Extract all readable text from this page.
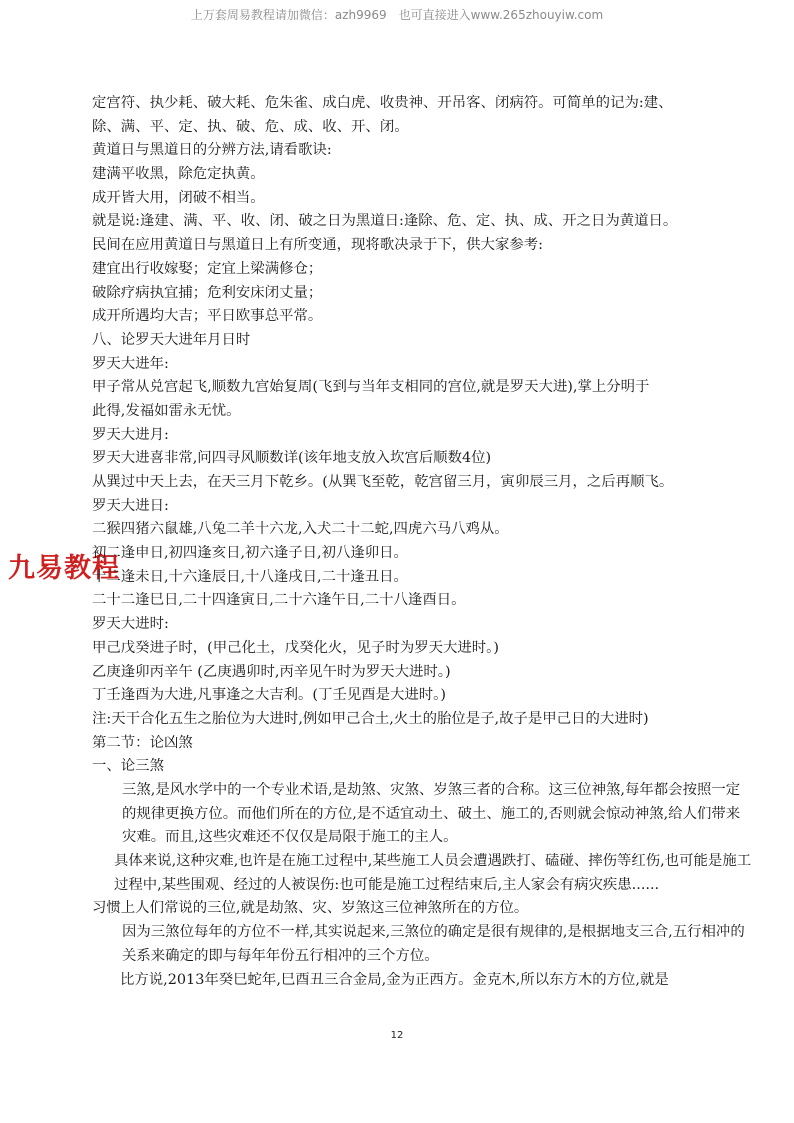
上万套周易教程请加微信：azh9969　也可直接进入www.265zhouyiw.com
九易教程
定宫符、执少耗、破大耗、危朱雀、成白虎、收贵神、开吊客、闭病符。可简单的记为:建、
除、满、平、定、执、破、危、成、收、开、闭。
黄道日与黑道日的分辨方法,请看歌诀:
建满平收黑，除危定执黄。
成开皆大用，闭破不相当。
就是说:逢建、满、平、收、闭、破之日为黑道日:逢除、危、定、执、成、开之日为黄道日。
民间在应用黄道日与黑道日上有所变通，现将歌决录于下，供大家参考:
建宜出行收嫁娶；定宜上梁满修仓；
破除疗病执宜捕；危利安床闭丈量；
成开所遇均大吉；平日欧事总平常。
八、论罗天大进年月日时
罗天大进年:
甲子常从兑宫起飞,顺数九宫始复周(飞到与当年支相同的宫位,就是罗天大进),掌上分明于
此得,发福如雷永无忧。
罗天大进月:
罗天大进喜非常,问四寻风顺数详(该年地支放入坎宫后顺数4位)
从巽过中天上去，在天三月下乾乡。(从巽飞至乾，乾宫留三月，寅卯辰三月，之后再顺飞。
罗天大进日:
二猴四猪六鼠雄,八兔二羊十六龙,入犬二十二蛇,四虎六马八鸡从。
初二逢申日,初四逢亥日,初六逢子日,初八逢卯日。
十二逢未日,十六逢辰日,十八逢戌日,二十逢丑日。
二十二逢巳日,二十四逢寅日,二十六逢午日,二十八逢酉日。
罗天大进时:
甲己戊癸进子时，(甲己化土，戊癸化火，见子时为罗天大进时。)
乙庚逢卯丙辛午 (乙庚遇卯时,丙辛见午时为罗天大进时。)
丁壬逢酉为大进,凡事逢之大吉利。(丁壬见酉是大进时。)
注:天干合化五生之胎位为大进时,例如甲己合土,火土的胎位是子,故子是甲己日的大进时)
第二节：论凶煞
一、论三煞
三煞,是风水学中的一个专业术语,是劫煞、灾煞、岁煞三者的合称。这三位神煞,每年都会按照一定的规律更换方位。而他们所在的方位,是不适宜动土、破土、施工的,否则就会惊动神煞,给人们带来灾难。而且,这些灾难还不仅仅是局限于施工的主人。
具体来说,这种灾难,也许是在施工过程中,某些施工人员会遭遇跌打、磕碰、摔伤等红伤,也可能是施工过程中,某些围观、经过的人被误伤:也可能是施工过程结束后,主人家会有病灾疾患......
习惯上人们常说的三位,就是劫煞、灾、岁煞这三位神煞所在的方位。
因为三煞位每年的方位不一样,其实说起来,三煞位的确定是很有规律的,是根据地支三合,五行相冲的关系来确定的即与每年年份五行相冲的三个方位。
比方说,2013年癸巳蛇年,巳酉丑三合金局,金为正西方。金克木,所以东方木的方位,就是
12
